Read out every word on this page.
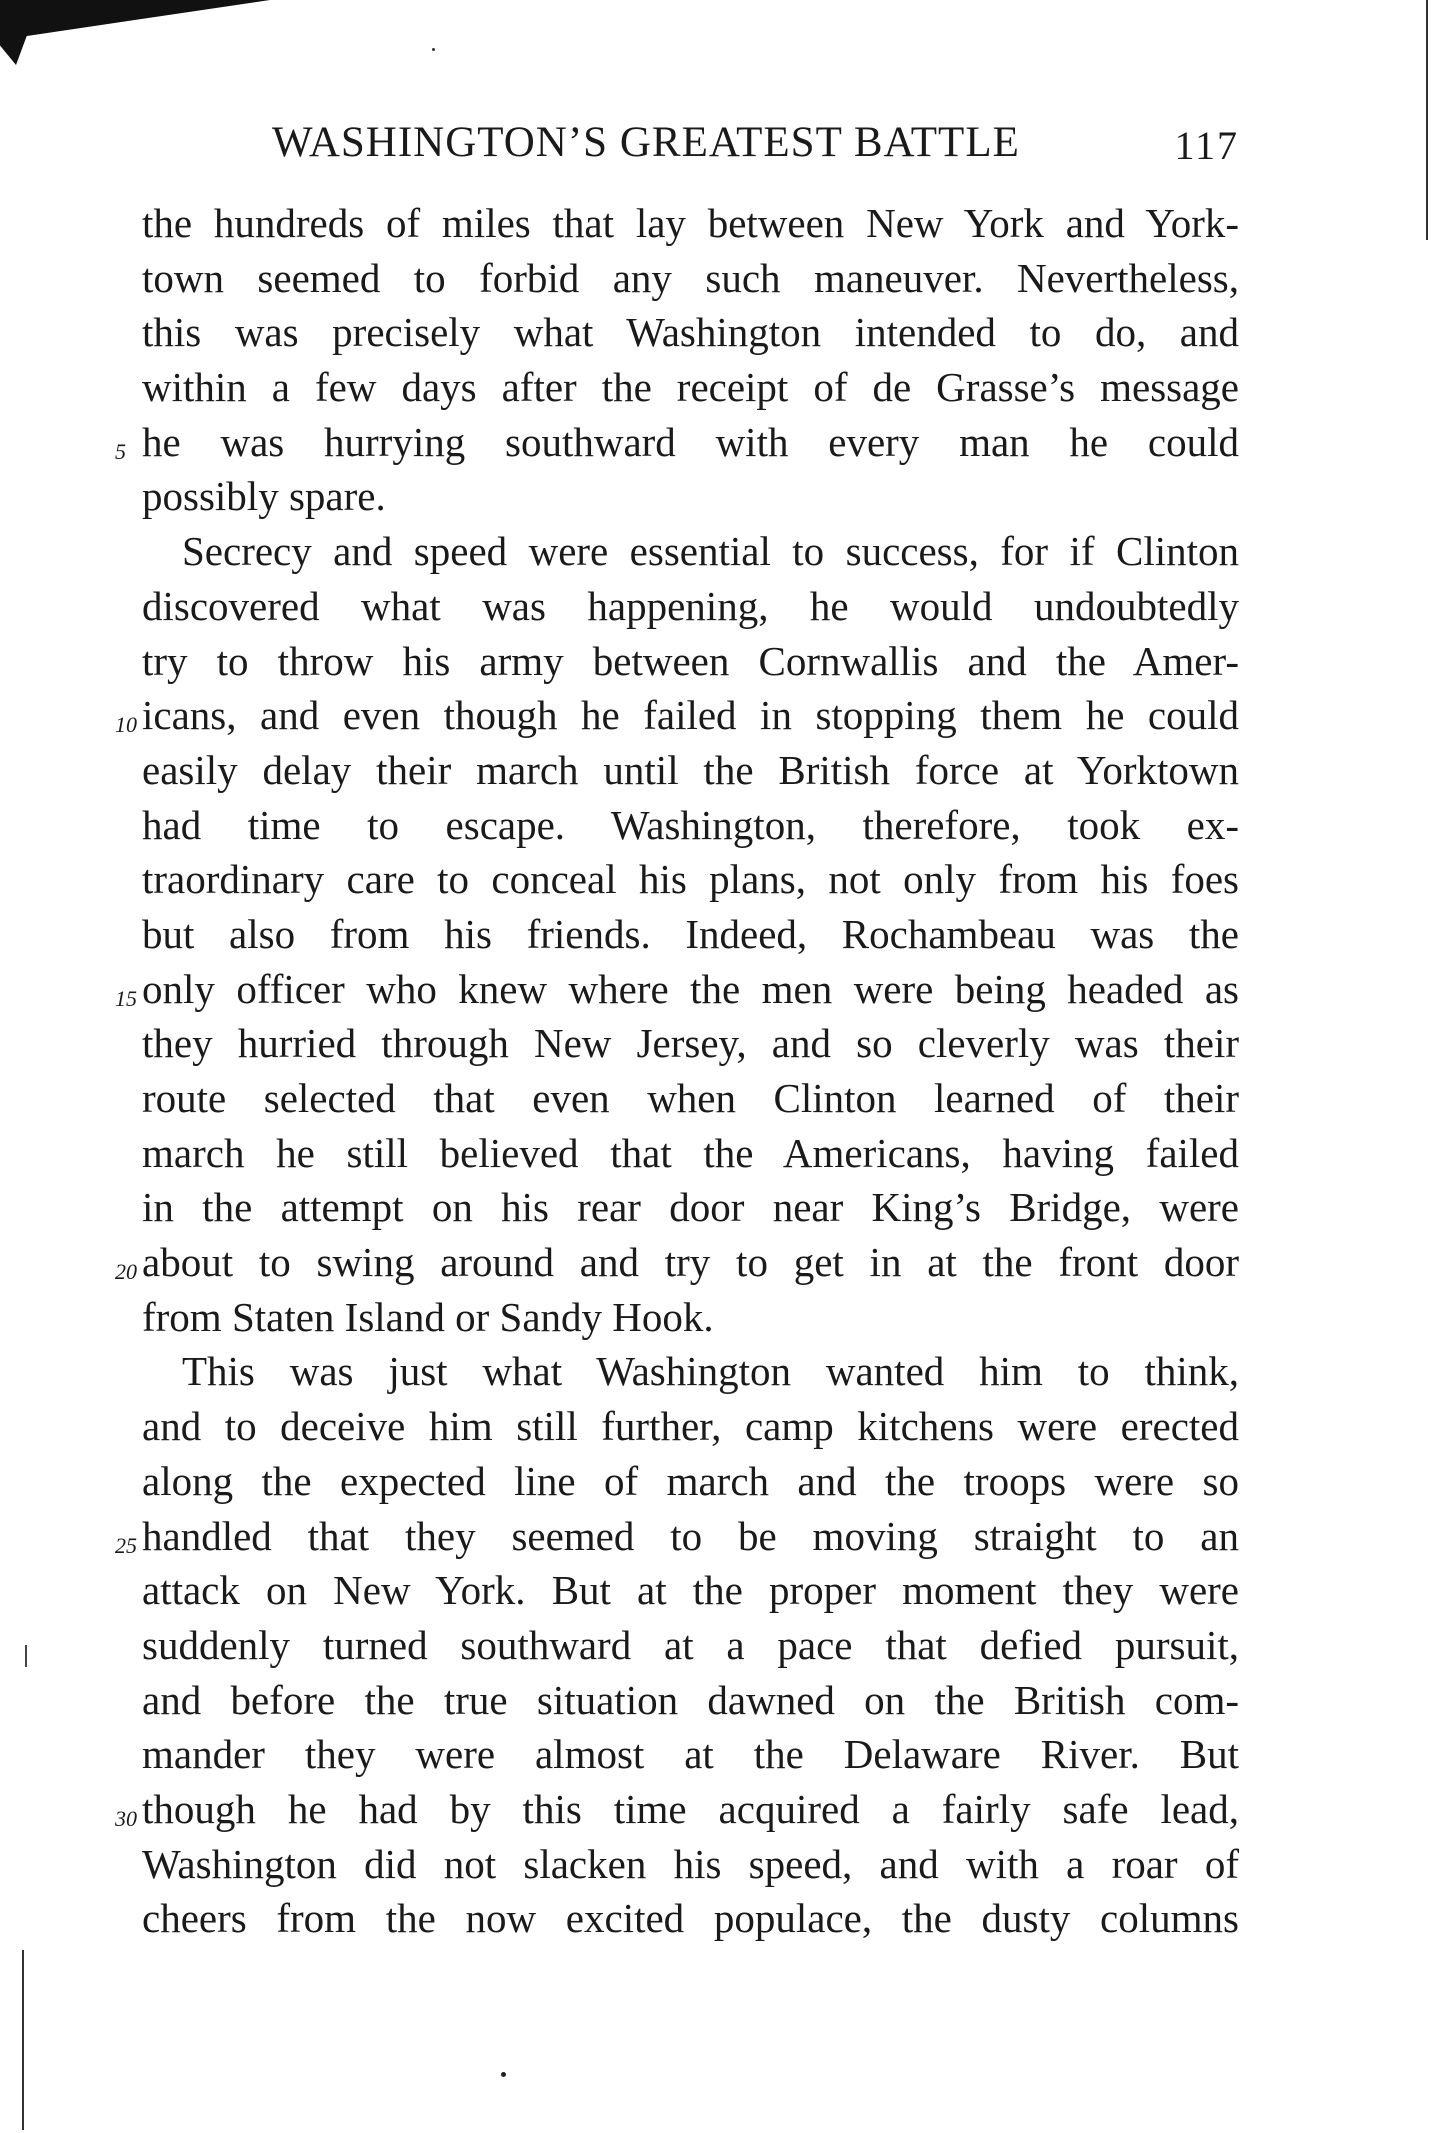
WASHINGTON’S GREATEST BATTLE	117
the hundreds of miles that lay between New York and York-
town seemed to forbid any such maneuver. Nevertheless,
this was precisely what Washington intended to do, and
within a few days after the receipt of de Grasse’s message
5 he was hurrying southward with every man he could
possibly spare.
Secrecy and speed were essential to success, for if Clinton
discovered what was happening, he would undoubtedly
try to throw his army between Cornwallis and the Amer-
10 icans, and even though he failed in stopping them he could
easily delay their march until the British force at Yorktown
had time to escape. Washington, therefore, took ex-
traordinary care to conceal his plans, not only from his foes
but also from his friends. Indeed, Rochambeau was the
15 only officer who knew where the men were being headed as
they hurried through New Jersey, and so cleverly was their
route selected that even when Clinton learned of their
march he still believed that the Americans, having failed
in the attempt on his rear door near King’s Bridge, were
20 about to swing around and try to get in at the front door
from Staten Island or Sandy Hook.
This was just what Washington wanted him to think,
and to deceive him still further, camp kitchens were erected
along the expected line of march and the troops were so
25 handled that they seemed to be moving straight to an
attack on New York. But at the proper moment they were
suddenly turned southward at a pace that defied pursuit,
and before the true situation dawned on the British com-
mander they were almost at the Delaware River. But
30 though he had by this time acquired a fairly safe lead,
Washington did not slacken his speed, and with a roar of
cheers from the now excited populace, the dusty columns
